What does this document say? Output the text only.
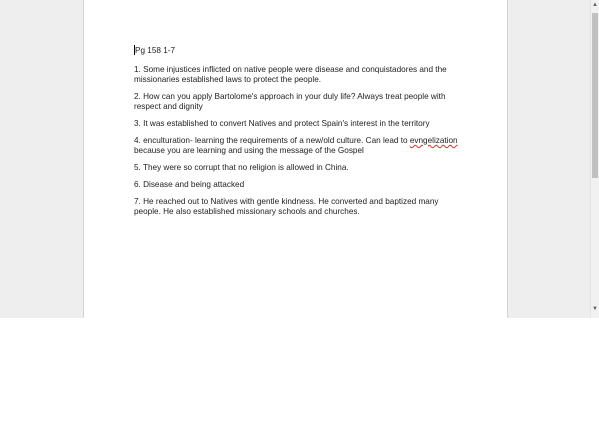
Pg 158 1-7

1. Some injustices inflicted on native people were disease and conquistadores and the missionaries established laws to protect the people.

2. How can you apply Bartolome's approach in your duly life? Always treat people with respect and dignity

3. It was established to convert Natives and protect Spain's interest in the territory

4. enculturation- learning the requirements of a new/old culture. Can lead to evngelization because you are learning and using the message of the Gospel

5. They were so corrupt that no religion is allowed in China.

6. Disease and being attacked

7. He reached out to Natives with gentle kindness. He converted and baptized many people. He also established missionary schools and churches.

▲
▼
